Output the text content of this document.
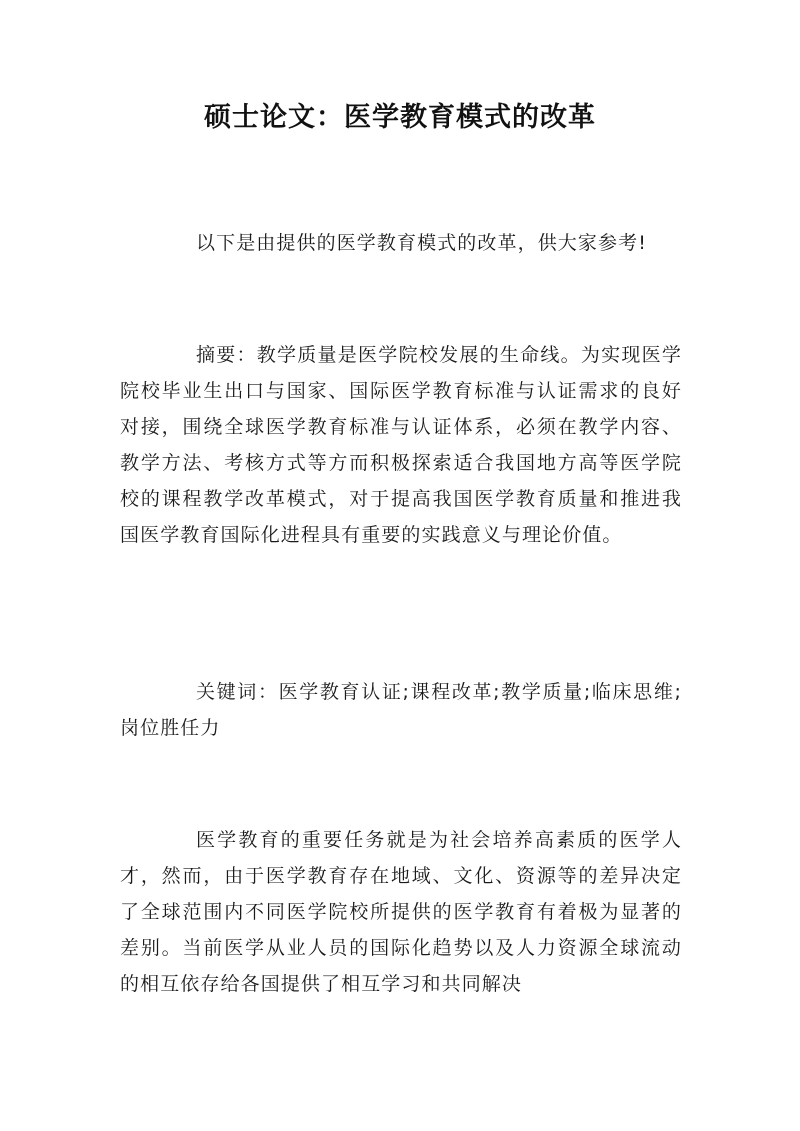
硕士论文：医学教育模式的改革

以下是由提供的医学教育模式的改革，供大家参考!

摘要：教学质量是医学院校发展的生命线。为实现医学院校毕业生出口与国家、国际医学教育标准与认证需求的良好对接，围绕全球医学教育标准与认证体系，必须在教学内容、教学方法、考核方式等方而积极探索适合我国地方高等医学院校的课程教学改革模式，对于提高我国医学教育质量和推进我国医学教育国际化进程具有重要的实践意义与理论价值。

关键词：医学教育认证;课程改革;教学质量;临床思维;岗位胜任力

医学教育的重要任务就是为社会培养高素质的医学人才，然而，由于医学教育存在地域、文化、资源等的差异决定了全球范围内不同医学院校所提供的医学教育有着极为显著的差别。当前医学从业人员的国际化趋势以及人力资源全球流动的相互依存给各国提供了相互学习和共同解决
